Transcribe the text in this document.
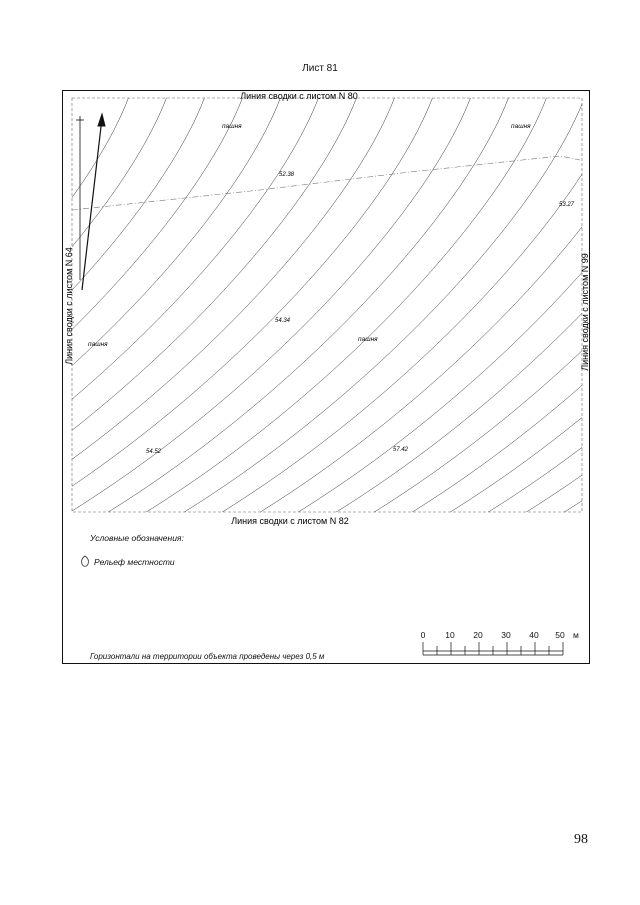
Лист 81
Линия сводки с листом N 80
Линия сводки с листом N 82
Линия сводки с листом N 64	Линия сводки с листом N 99
пашня	пашня
пашня
пашня
52.38
53.27
54.34
54.52	57.42
0 10 20 30 40 50 м
Условные обозначения:
Рельеф местности
Горизонтали на территории объекта проведены через 0,5 м
98
